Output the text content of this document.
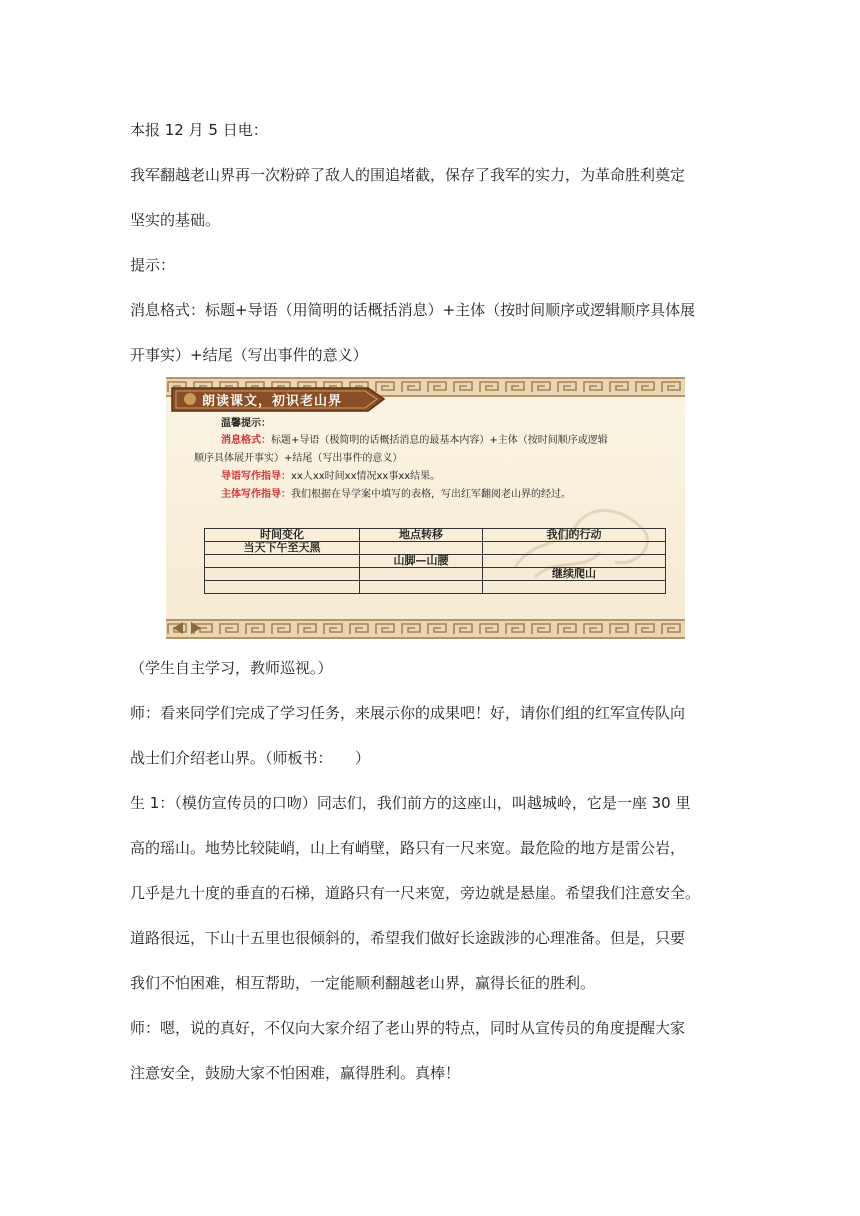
本报 12 月 5 日电：
我军翻越老山界再一次粉碎了敌人的围追堵截，保存了我军的实力，为革命胜利奠定
坚实的基础。
提示：
消息格式：标题+导语（用简明的话概括消息）+主体（按时间顺序或逻辑顺序具体展
开事实）+结尾（写出事件的意义）
朗读课文，初识老山界
温馨提示：
消息格式：标题+导语（极简明的话概括消息的最基本内容）+主体（按时间顺序或逻辑
顺序具体展开事实）+结尾（写出事件的意义）
导语写作指导：xx人xx时间xx情况xx事xx结果。
主体写作指导：我们根据在导学案中填写的表格，写出红军翻阅老山界的经过。
时间变化	地点转移	我们的行动
当天下午至天黑		
	山脚—山腰	
		继续爬山

（学生自主学习，教师巡视。）
师：看来同学们完成了学习任务，来展示你的成果吧！好，请你们组的红军宣传队向
战士们介绍老山界。（师板书：　　）
生 1：（模仿宣传员的口吻）同志们，我们前方的这座山，叫越城岭，它是一座 30 里
高的瑶山。地势比较陡峭，山上有峭壁，路只有一尺来宽。最危险的地方是雷公岩，
几乎是九十度的垂直的石梯，道路只有一尺来宽，旁边就是悬崖。希望我们注意安全。
道路很远，下山十五里也很倾斜的，希望我们做好长途跋涉的心理准备。但是，只要
我们不怕困难，相互帮助，一定能顺利翻越老山界，赢得长征的胜利。
师：嗯，说的真好，不仅向大家介绍了老山界的特点，同时从宣传员的角度提醒大家
注意安全，鼓励大家不怕困难，赢得胜利。真棒！
